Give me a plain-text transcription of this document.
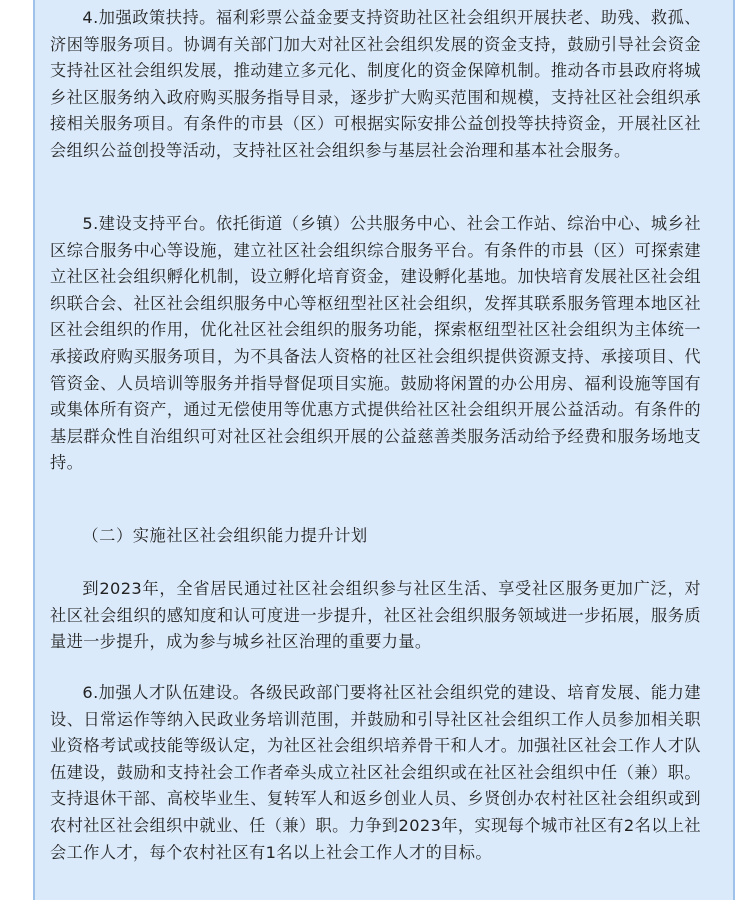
4.加强政策扶持。福利彩票公益金要支持资助社区社会组织开展扶老、助残、救孤、济困等服务项目。协调有关部门加大对社区社会组织发展的资金支持，鼓励引导社会资金支持社区社会组织发展，推动建立多元化、制度化的资金保障机制。推动各市县政府将城乡社区服务纳入政府购买服务指导目录，逐步扩大购买范围和规模，支持社区社会组织承接相关服务项目。有条件的市县（区）可根据实际安排公益创投等扶持资金，开展社区社会组织公益创投等活动，支持社区社会组织参与基层社会治理和基本社会服务。

5.建设支持平台。依托街道（乡镇）公共服务中心、社会工作站、综治中心、城乡社区综合服务中心等设施，建立社区社会组织综合服务平台。有条件的市县（区）可探索建立社区社会组织孵化机制，设立孵化培育资金，建设孵化基地。加快培育发展社区社会组织联合会、社区社会组织服务中心等枢纽型社区社会组织，发挥其联系服务管理本地区社区社会组织的作用，优化社区社会组织的服务功能，探索枢纽型社区社会组织为主体统一承接政府购买服务项目，为不具备法人资格的社区社会组织提供资源支持、承接项目、代管资金、人员培训等服务并指导督促项目实施。鼓励将闲置的办公用房、福利设施等国有或集体所有资产，通过无偿使用等优惠方式提供给社区社会组织开展公益活动。有条件的基层群众性自治组织可对社区社会组织开展的公益慈善类服务活动给予经费和服务场地支持。

（二）实施社区社会组织能力提升计划

到2023年，全省居民通过社区社会组织参与社区生活、享受社区服务更加广泛，对社区社会组织的感知度和认可度进一步提升，社区社会组织服务领域进一步拓展，服务质量进一步提升，成为参与城乡社区治理的重要力量。

6.加强人才队伍建设。各级民政部门要将社区社会组织党的建设、培育发展、能力建设、日常运作等纳入民政业务培训范围，并鼓励和引导社区社会组织工作人员参加相关职业资格考试或技能等级认定，为社区社会组织培养骨干和人才。加强社区社会工作人才队伍建设，鼓励和支持社会工作者牵头成立社区社会组织或在社区社会组织中任（兼）职。支持退休干部、高校毕业生、复转军人和返乡创业人员、乡贤创办农村社区社会组织或到农村社区社会组织中就业、任（兼）职。力争到2023年，实现每个城市社区有2名以上社会工作人才，每个农村社区有1名以上社会工作人才的目标。
